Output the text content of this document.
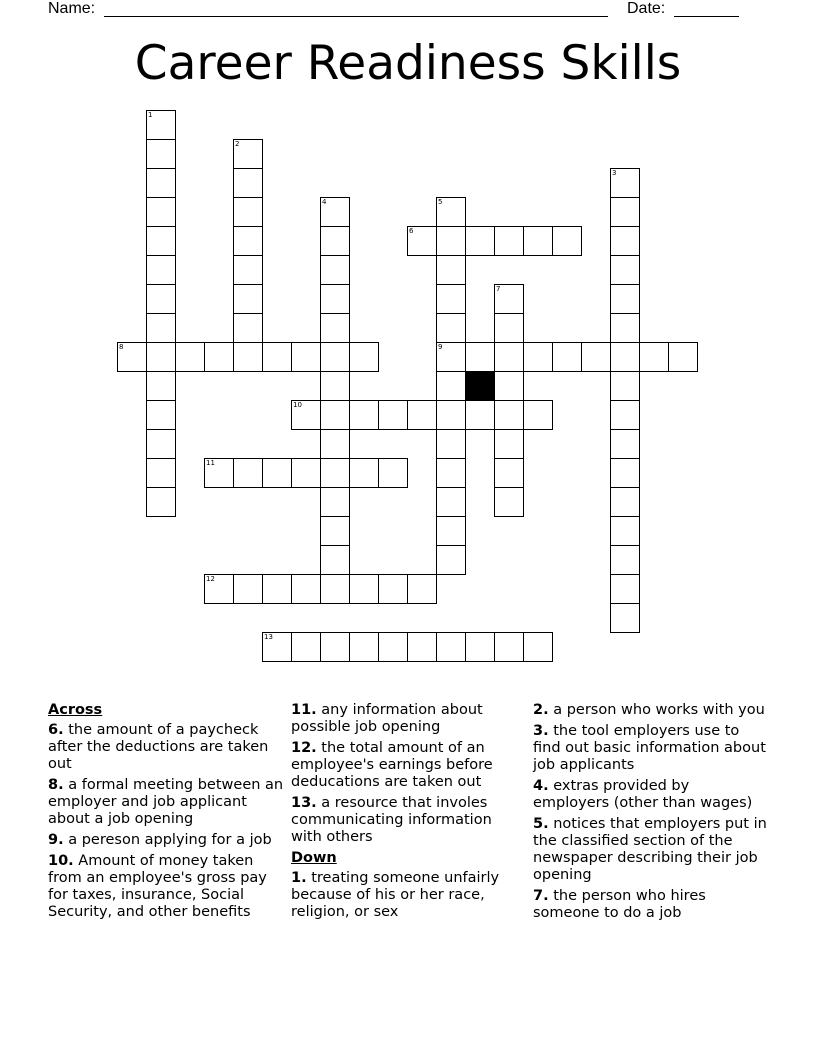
Name:	Date:
Career Readiness Skills
1
2
3
4	5
9
6
7
8
10
11
12
13
Across
6. the amount of a paycheck after the deductions are taken out
8. a formal meeting between an employer and job applicant about a job opening
9. a pereson applying for a job
10. Amount of money taken from an employee's gross pay for taxes, insurance, Social Security, and other benefits
11. any information about possible job opening
12. the total amount of an employee's earnings before deducations are taken out
13. a resource that involes communicating information with others
Down
1. treating someone unfairly because of his or her race, religion, or sex
2. a person who works with you
3. the tool employers use to find out basic information about job applicants
4. extras provided by employers (other than wages)
5. notices that employers put in the classified section of the newspaper describing their job opening
7. the person who hires someone to do a job
